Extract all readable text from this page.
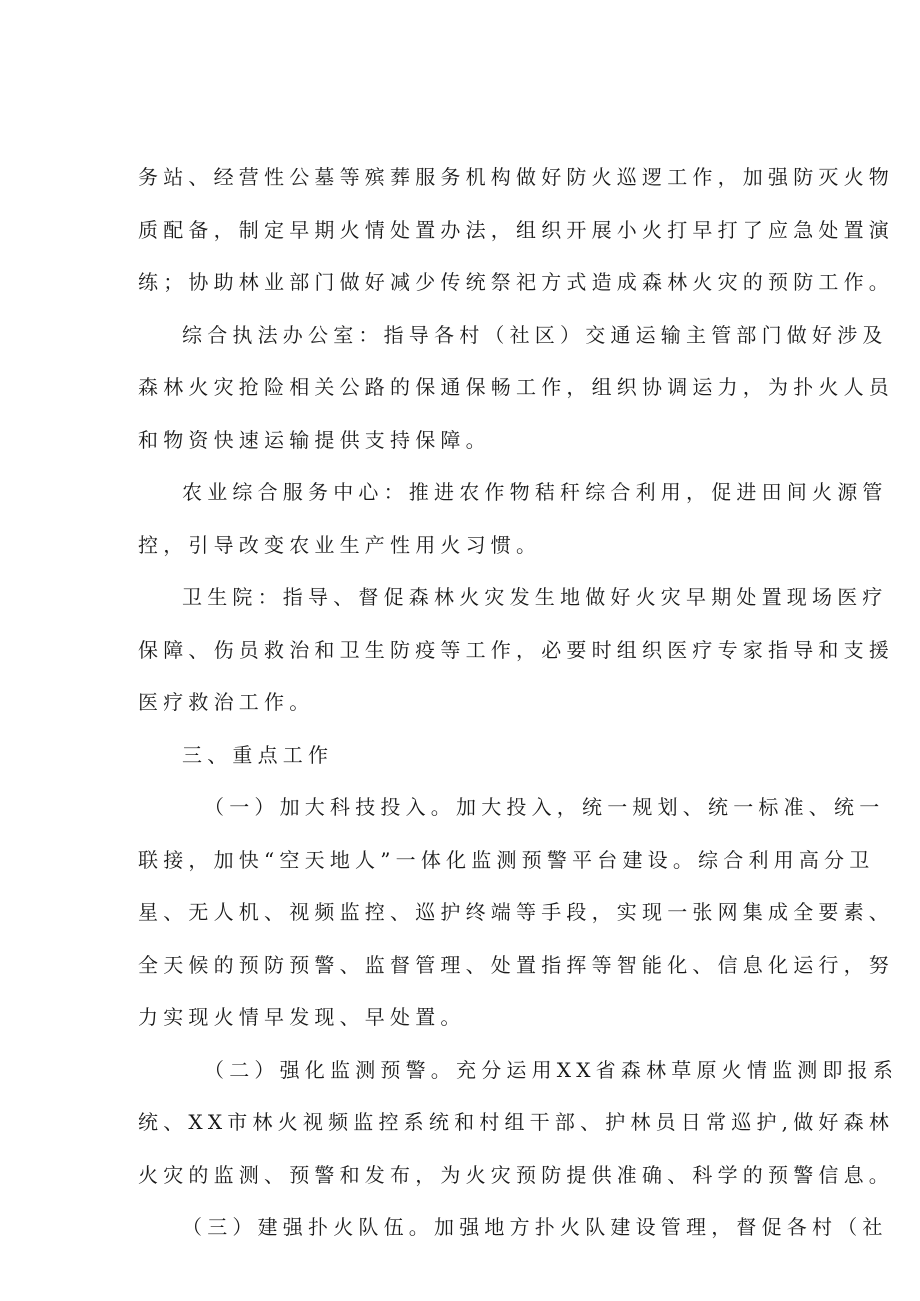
务站、经营性公墓等殡葬服务机构做好防火巡逻工作，加强防灭火物
质配备，制定早期火情处置办法，组织开展小火打早打了应急处置演
练；协助林业部门做好减少传统祭祀方式造成森林火灾的预防工作。
综合执法办公室：指导各村（社区）交通运输主管部门做好涉及
森林火灾抢险相关公路的保通保畅工作，组织协调运力，为扑火人员
和物资快速运输提供支持保障。
农业综合服务中心：推进农作物秸秆综合利用，促进田间火源管
控，引导改变农业生产性用火习惯。
卫生院：指导、督促森林火灾发生地做好火灾早期处置现场医疗
保障、伤员救治和卫生防疫等工作，必要时组织医疗专家指导和支援
医疗救治工作。
三、重点工作
（一）加大科技投入。加大投入，统一规划、统一标准、统一
联接，加快“空天地人”一体化监测预警平台建设。综合利用高分卫
星、无人机、视频监控、巡护终端等手段，实现一张网集成全要素、
全天候的预防预警、监督管理、处置指挥等智能化、信息化运行，努
力实现火情早发现、早处置。
（二）强化监测预警。充分运用XX省森林草原火情监测即报系
统、XX市林火视频监控系统和村组干部、护林员日常巡护,做好森林
火灾的监测、预警和发布，为火灾预防提供准确、科学的预警信息。
（三）建强扑火队伍。加强地方扑火队建设管理，督促各村（社
